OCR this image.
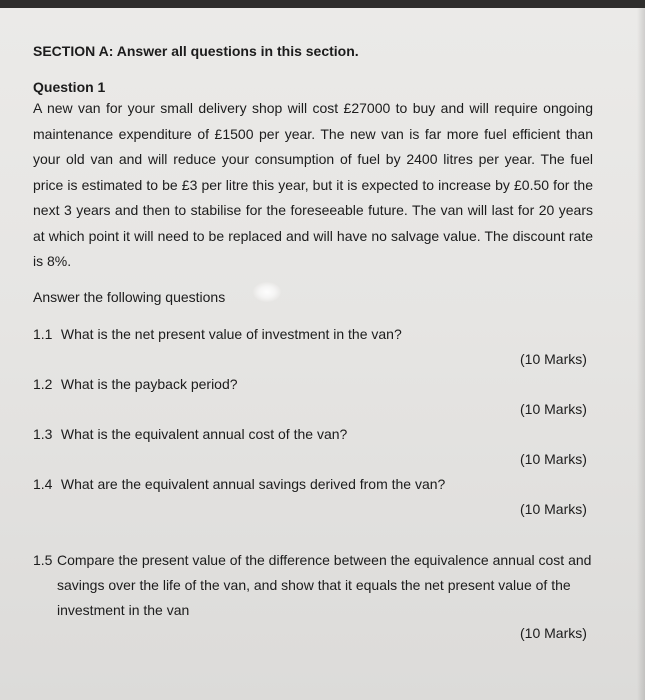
SECTION A: Answer all questions in this section.
Question 1
A new van for your small delivery shop will cost £27000 to buy and will require ongoing maintenance expenditure of £1500 per year. The new van is far more fuel efficient than your old van and will reduce your consumption of fuel by 2400 litres per year. The fuel price is estimated to be £3 per litre this year, but it is expected to increase by £0.50 for the next 3 years and then to stabilise for the foreseeable future. The van will last for 20 years at which point it will need to be replaced and will have no salvage value. The discount rate is 8%.
Answer the following questions
1.1 What is the net present value of investment in the van?
(10 Marks)
1.2 What is the payback period?
(10 Marks)
1.3 What is the equivalent annual cost of the van?
(10 Marks)
1.4 What are the equivalent annual savings derived from the van?
(10 Marks)
1.5 Compare the present value of the difference between the equivalence annual cost and savings over the life of the van, and show that it equals the net present value of the investment in the van
(10 Marks)
